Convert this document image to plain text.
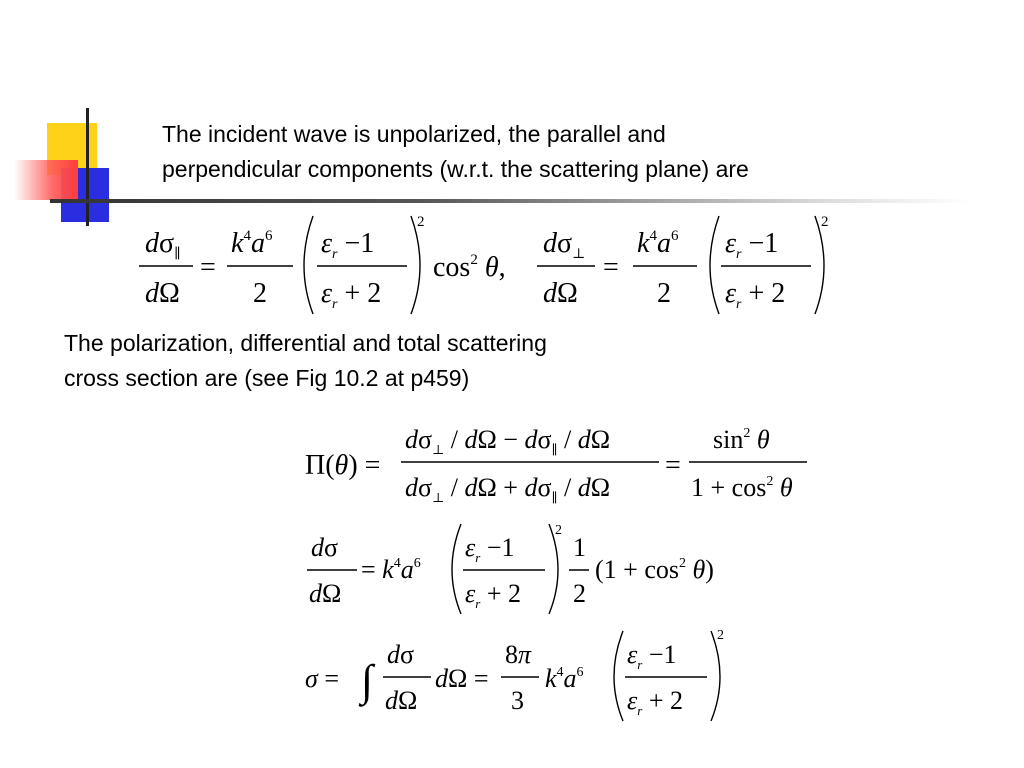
The incident wave is unpolarized, the parallel and
perpendicular components (w.r.t. the scattering plane) are
$d\sigma_\parallel$
dΩ
=
$k^4a^6$
2
$\varepsilon_r -1$
$\varepsilon_r + 2$
2
$\cos^2 \theta$,
$d\sigma_\perp$
dΩ
=
$k^4a^6$
2
$\varepsilon_r -1$
$\varepsilon_r + 2$
2
The polarization, differential and total scattering
cross section are (see Fig 10.2 at p459)
Π(θ) =
$d\sigma_\perp / d\Omega - d\sigma_\parallel / d\Omega$
$d\sigma_\perp / d\Omega + d\sigma_\parallel / d\Omega$
=
$\sin^2 \theta$
$1 + \cos^2 \theta$
dσ
dΩ
= $k^4a^6$
$\varepsilon_r -1$
$\varepsilon_r + 2$
2
1
2
$(1 + \cos^2 \theta)$
σ = ∫
dσ
dΩ
dΩ =
8π
3
$k^4a^6$
$\varepsilon_r -1$
$\varepsilon_r + 2$
2
